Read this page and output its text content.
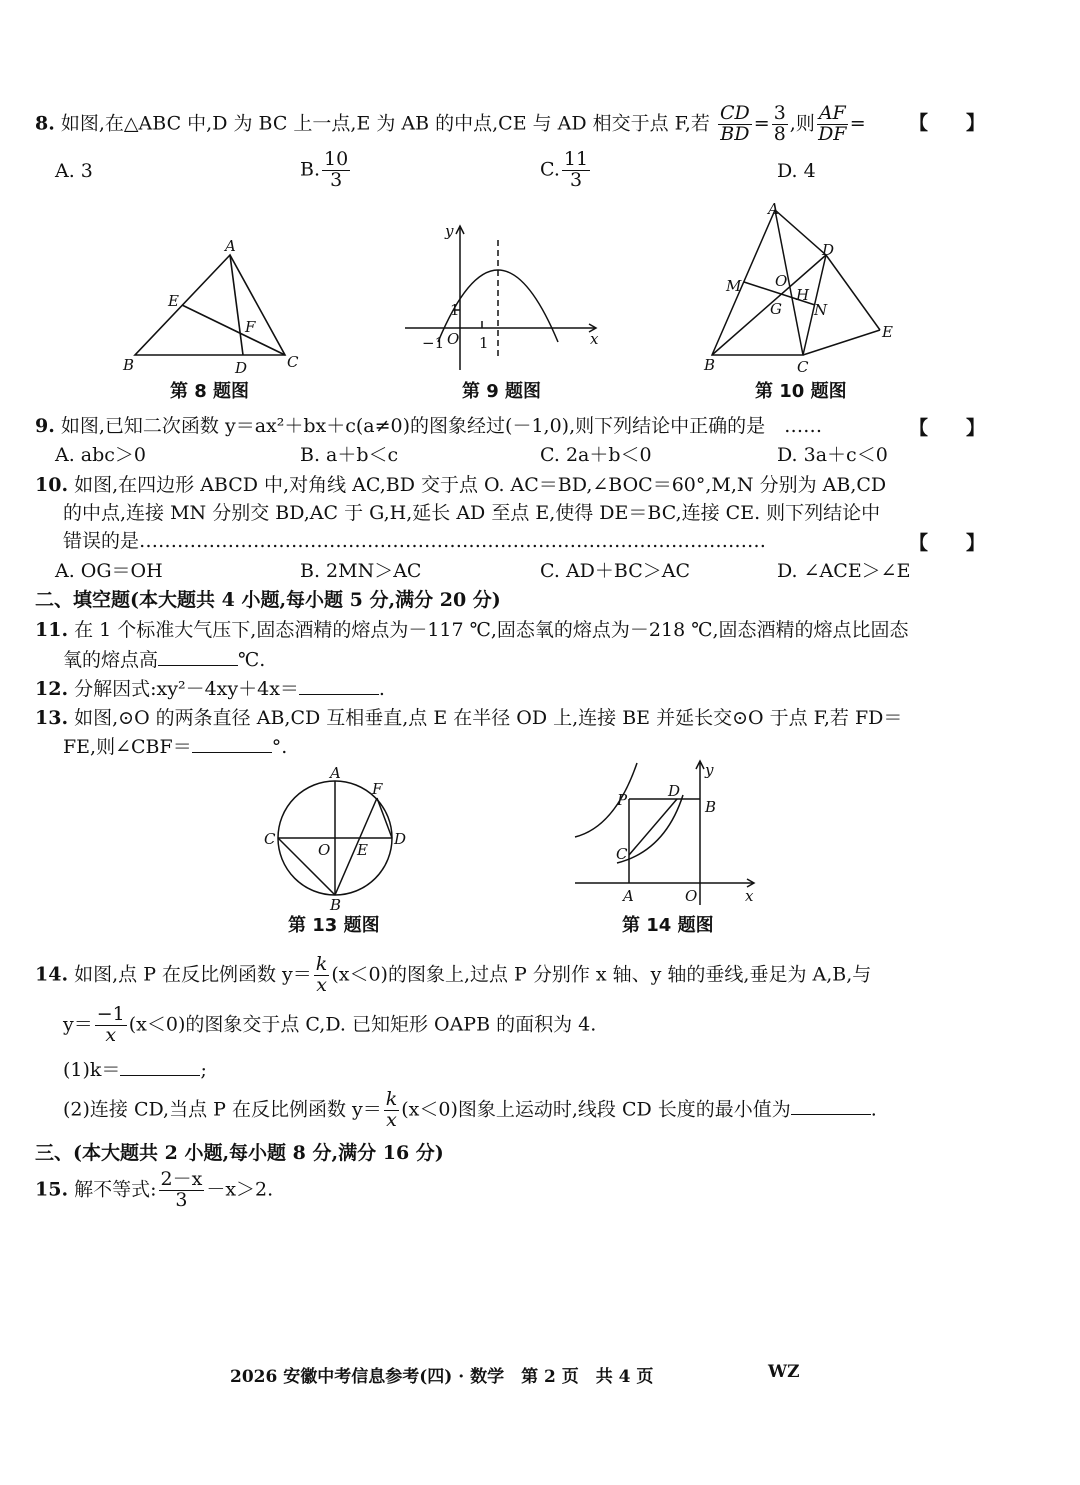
8. 如图,在△ABC 中,D 为 BC 上一点,E 为 AB 的中点,CE 与 AD 相交于点 F,若 $\frac{CD}{BD} = \frac{3}{8}$ ,则 $\frac{AF}{DF}$ = 【　　】
A. 3	B. $\frac{10}{3}$	C. $\frac{11}{3}$	D. 4
A
B	C
D
E
F
第 8 题图
y
x
O
−1 1
1
第 9 题图
A
B	C
D
E
M
N
O
G
H
第 10 题图
9. 如图,已知二次函数 y＝ax²＋bx＋c(a≠0)的图象经过(－1,0),则下列结论中正确的是　……	【　　】
A. abc＞0	B. a＋b＜c	C. 2a＋b＜0	D. 3a＋c＜0
10. 如图,在四边形 ABCD 中,对角线 AC,BD 交于点 O. AC＝BD,∠BOC＝60°,M,N 分别为 AB,CD
的中点,连接 MN 分别交 BD,AC 于 G,H,延长 AD 至点 E,使得 DE＝BC,连接 CE. 则下列结论中
错误的是………………………………………………………………………………………	【　　】
A. OG＝OH	B. 2MN＞AC	C. AD＋BC＞AC	D. ∠ACE＞∠E
二、填空题(本大题共 4 小题,每小题 5 分,满分 20 分)
11. 在 1 个标准大气压下,固态酒精的熔点为－117 ℃,固态氧的熔点为－218 ℃,固态酒精的熔点比固态
氧的熔点高	℃.
12. 分解因式:xy²－4xy＋4x＝	.
13. 如图,⊙O 的两条直径 AB,CD 互相垂直,点 E 在半径 OD 上,连接 BE 并延长交⊙O 于点 F,若 FD＝
FE,则∠CBF＝	°.
A
B
C	D
E
F
O
第 13 题图
P	D
B
C
A	O	x
y
第 14 题图
14. 如图,点 P 在反比例函数 $y= \frac{k}{x} (x<0)$的图象上,过点 P 分别作 x 轴、y 轴的垂线,垂足为 A,B,与
$y= \frac{-1}{x} (x<0)$的图象交于点 C,D. 已知矩形 OAPB 的面积为 4.
(1)k＝	;
(2)连接 CD,当点 P 在反比例函数 $y= \frac{k}{x} (x<0)$图象上运动时,线段 CD 长度的最小值为	.
三、(本大题共 2 小题,每小题 8 分,满分 16 分)
15. 解不等式: $\frac{2-x}{3} -x>2$.
2026 安徽中考信息参考(四) · 数学　第 2 页　共 4 页	WZ
